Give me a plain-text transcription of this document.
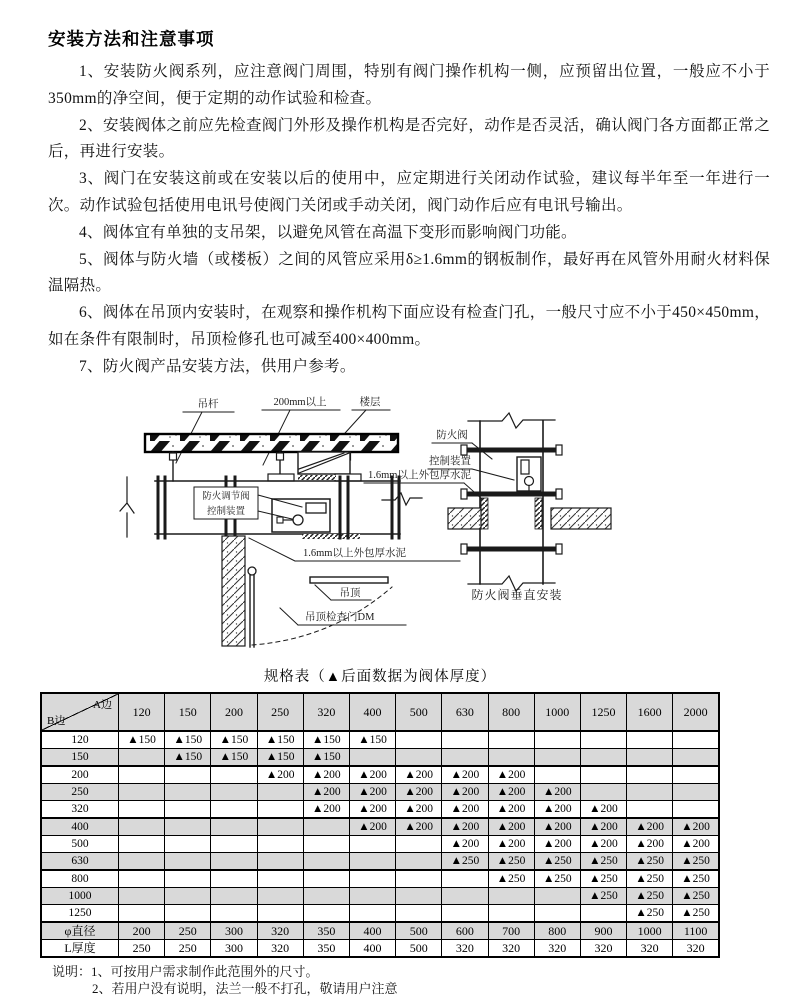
安装方法和注意事项

1、安装防火阀系列，应注意阀门周围，特别有阀门操作机构一侧，应预留出位置，一般应不小于350mm的净空间，便于定期的动作试验和检查。

2、安装阀体之前应先检查阀门外形及操作机构是否完好，动作是否灵活，确认阀门各方面都正常之后，再进行安装。

3、阀门在安装这前或在安装以后的使用中，应定期进行关闭动作试验，建议每半年至一年进行一次。动作试验包括使用电讯号使阀门关闭或手动关闭，阀门动作后应有电讯号输出。

4、阀体宜有单独的支吊架，以避免风管在高温下变形而影响阀门功能。

5、阀体与防火墙（或楼板）之间的风管应采用δ≥1.6mm的钢板制作，最好再在风管外用耐火材料保温隔热。

6、阀体在吊顶内安装时，在观察和操作机构下面应设有检查门孔，一般尺寸应不小于450×450mm，如在条件有限制时，吊顶检修孔也可减至400×400mm。

7、防火阀产品安装方法，供用户参考。

吊杆	200mm以上	楼层
防火调节阀
控制装置
1.6mm以上外包厚水泥
吊顶
吊顶检查门DM
防火阀
控制装置
1.6mm以上外包厚水泥
防火阀垂直安装
规格表（▲后面数据为阀体厚度）
A边
B边	120	150	200	250	320	400	500	630	800	1000	1250	1600	2000
120	▲150	▲150	▲150	▲150	▲150	▲150							
150		▲150	▲150	▲150	▲150								
200				▲200	▲200	▲200	▲200	▲200	▲200				
250					▲200	▲200	▲200	▲200	▲200	▲200			
320					▲200	▲200	▲200	▲200	▲200	▲200	▲200		
400						▲200	▲200	▲200	▲200	▲200	▲200	▲200	▲200
500								▲200	▲200	▲200	▲200	▲200	▲200
630								▲250	▲250	▲250	▲250	▲250	▲250
800									▲250	▲250	▲250	▲250	▲250
1000											▲250	▲250	▲250
1250												▲250	▲250
φ直径	200	250	300	320	350	400	500	600	700	800	900	1000	1100
L厚度	250	250	300	320	350	400	500	320	320	320	320	320	320
说明：1、可按用户需求制作此范围外的尺寸。
2、若用户没有说明，法兰一般不打孔，敬请用户注意
